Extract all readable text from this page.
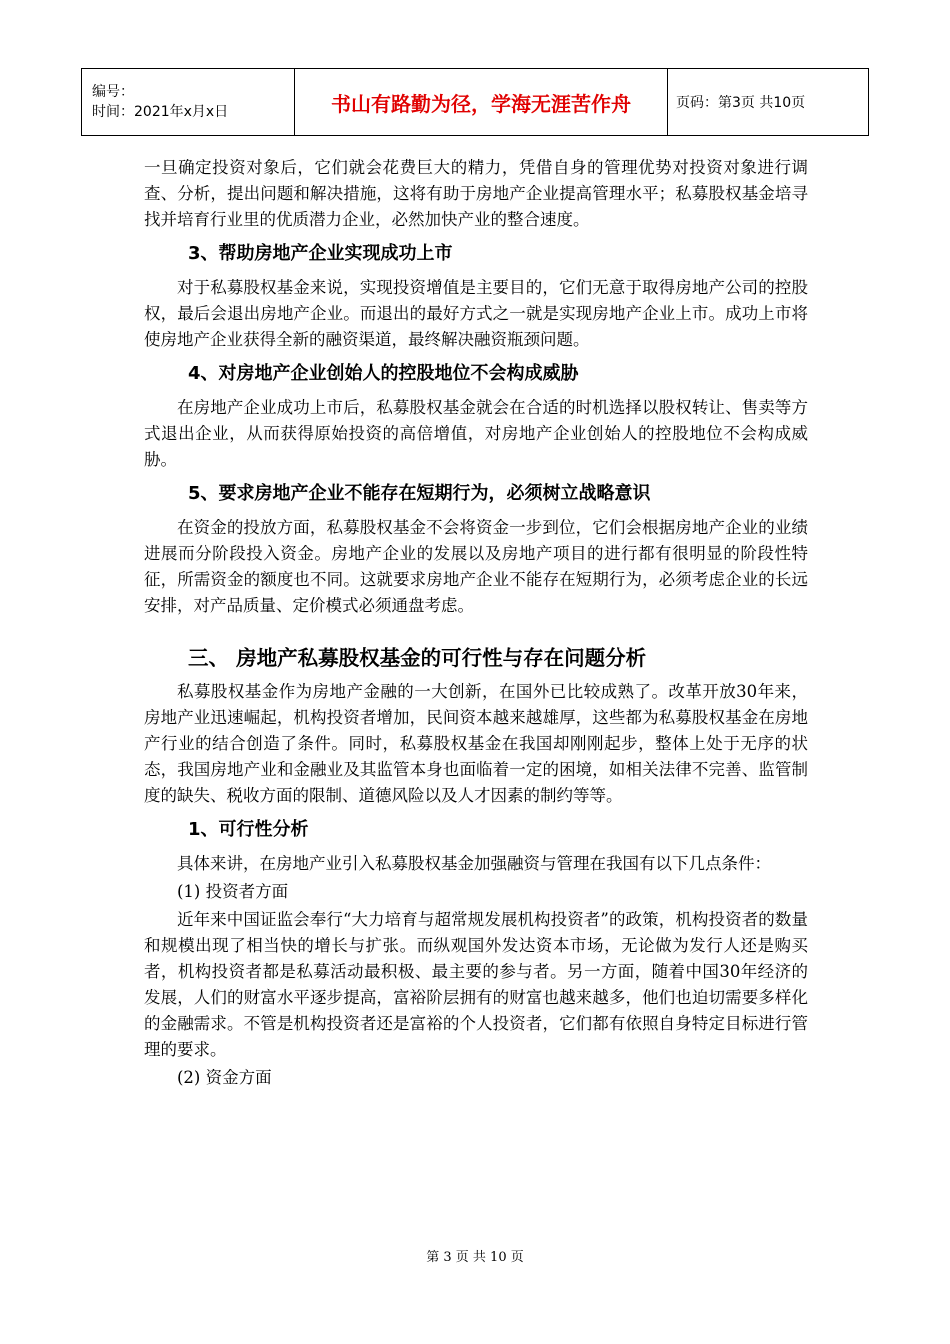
编号：
时间：2021年x月x日	书山有路勤为径，学海无涯苦作舟	页码：第3页 共10页

一旦确定投资对象后，它们就会花费巨大的精力，凭借自身的管理优势对投资对象进行调查、分析，提出问题和解决措施，这将有助于房地产企业提高管理水平；私募股权基金培寻找并培育行业里的优质潜力企业，必然加快产业的整合速度。

3、帮助房地产企业实现成功上市

对于私募股权基金来说，实现投资增值是主要目的，它们无意于取得房地产公司的控股权，最后会退出房地产企业。而退出的最好方式之一就是实现房地产企业上市。成功上市将使房地产企业获得全新的融资渠道，最终解决融资瓶颈问题。

4、对房地产企业创始人的控股地位不会构成威胁

在房地产企业成功上市后，私募股权基金就会在合适的时机选择以股权转让、售卖等方式退出企业，从而获得原始投资的高倍增值，对房地产企业创始人的控股地位不会构成威胁。

5、要求房地产企业不能存在短期行为，必须树立战略意识

在资金的投放方面，私募股权基金不会将资金一步到位，它们会根据房地产企业的业绩进展而分阶段投入资金。房地产企业的发展以及房地产项目的进行都有很明显的阶段性特征，所需资金的额度也不同。这就要求房地产企业不能存在短期行为，必须考虑企业的长远安排，对产品质量、定价模式必须通盘考虑。

三、 房地产私募股权基金的可行性与存在问题分析

私募股权基金作为房地产金融的一大创新，在国外已比较成熟了。改革开放30年来，房地产业迅速崛起，机构投资者增加，民间资本越来越雄厚，这些都为私募股权基金在房地产行业的结合创造了条件。同时，私募股权基金在我国却刚刚起步，整体上处于无序的状态，我国房地产业和金融业及其监管本身也面临着一定的困境，如相关法律不完善、监管制度的缺失、税收方面的限制、道德风险以及人才因素的制约等等。

1、可行性分析

具体来讲，在房地产业引入私募股权基金加强融资与管理在我国有以下几点条件：

(1) 投资者方面

近年来中国证监会奉行“大力培育与超常规发展机构投资者”的政策，机构投资者的数量和规模出现了相当快的增长与扩张。而纵观国外发达资本市场，无论做为发行人还是购买者，机构投资者都是私募活动最积极、最主要的参与者。另一方面，随着中国30年经济的发展，人们的财富水平逐步提高，富裕阶层拥有的财富也越来越多，他们也迫切需要多样化的金融需求。不管是机构投资者还是富裕的个人投资者，它们都有依照自身特定目标进行管理的要求。

(2) 资金方面

第 3 页 共 10 页
